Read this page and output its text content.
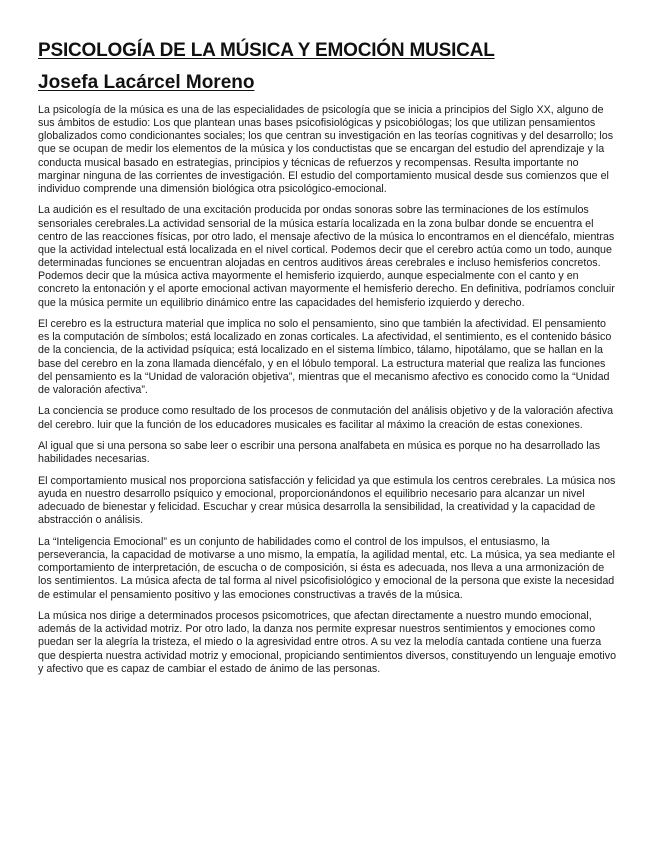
PSICOLOGÍA DE LA MÚSICA Y EMOCIÓN MUSICAL
Josefa Lacárcel Moreno

La psicología de la música es una de las especialidades de psicología que se inicia a principios del Siglo XX, alguno de sus ámbitos de estudio: Los que plantean unas bases psicofisiológicas y psicobiólogas; los que utilizan pensamientos globalizados como condicionantes sociales; los que centran su investigación en las teorías cognitivas y del desarrollo; los que se ocupan de medir los elementos de la música y los conductistas que se encargan del estudio del aprendizaje y la conducta musical basado en estrategias, principios y técnicas de refuerzos y recompensas. Resulta importante no marginar ninguna de las corrientes de investigación. El estudio del comportamiento musical desde sus comienzos que el individuo comprende una dimensión biológica otra psicológico-emocional.

La audición es el resultado de una excitación producida por ondas sonoras sobre las terminaciones de los estímulos sensoriales cerebrales.La actividad sensorial de la música estaría localizada en la zona bulbar donde se encuentra el centro de las reacciones físicas, por otro lado, el mensaje afectivo de la música lo encontramos en el diencéfalo, mientras que la actividad intelectual está localizada en el nivel cortical. Podemos decir que el cerebro actúa como un todo, aunque determinadas funciones se encuentran alojadas en centros auditivos áreas cerebrales e incluso hemisferios concretos. Podemos decir que la música activa mayormente el hemisferio izquierdo, aunque especialmente con el canto y en concreto la entonación y el aporte emocional activan mayormente el hemisferio derecho. En definitiva, podríamos concluir que la música permite un equilibrio dinámico entre las capacidades del hemisferio izquierdo y derecho.

El cerebro es la estructura material que implica no solo el pensamiento, sino que también la afectividad. El pensamiento es la computación de símbolos; está localizado en zonas corticales. La afectividad, el sentimiento, es el contenido básico de la conciencia, de la actividad psíquica; está localizado en el sistema límbico, tálamo, hipotálamo, que se hallan en la base del cerebro en la zona llamada diencéfalo, y en el lóbulo temporal. La estructura material que realiza las funciones del pensamiento es la “Unidad de valoración objetiva”, mientras que el mecanismo afectivo es conocido como la “Unidad de valoración afectiva”.

La conciencia se produce como resultado de los procesos de conmutación del análisis objetivo y de la valoración afectiva del cerebro. luir que la función de los educadores musicales es facilitar al máximo la creación de estas conexiones.

Al igual que si una persona so sabe leer o escribir una persona analfabeta en música es porque no ha desarrollado las habilidades necesarias.

El comportamiento musical nos proporciona satisfacción y felicidad ya que estimula los centros cerebrales. La música nos ayuda en nuestro desarrollo psíquico y emocional, proporcionándonos el equilibrio necesario para alcanzar un nivel adecuado de bienestar y felicidad. Escuchar y crear música desarrolla la sensibilidad, la creatividad y la capacidad de abstracción o análisis.

La “Inteligencia Emocional” es un conjunto de habilidades como el control de los impulsos, el entusiasmo, la perseverancia, la capacidad de motivarse a uno mismo, la empatía, la agilidad mental, etc. La música, ya sea mediante el comportamiento de interpretación, de escucha o de composición, si ésta es adecuada, nos lleva a una armonización de los sentimientos. La música afecta de tal forma al nivel psicofisiológico y emocional de la persona que existe la necesidad de estimular el pensamiento positivo y las emociones constructivas a través de la música.

La música nos dirige a determinados procesos psicomotrices, que afectan directamente a nuestro mundo emocional, además de la actividad motriz. Por otro lado, la danza nos permite expresar nuestros sentimientos y emociones como puedan ser la alegría la tristeza, el miedo o la agresividad entre otros. A su vez la melodía cantada contiene una fuerza que despierta nuestra actividad motriz y emocional, propiciando sentimientos diversos, constituyendo un lenguaje emotivo y afectivo que es capaz de cambiar el estado de ánimo de las personas.
